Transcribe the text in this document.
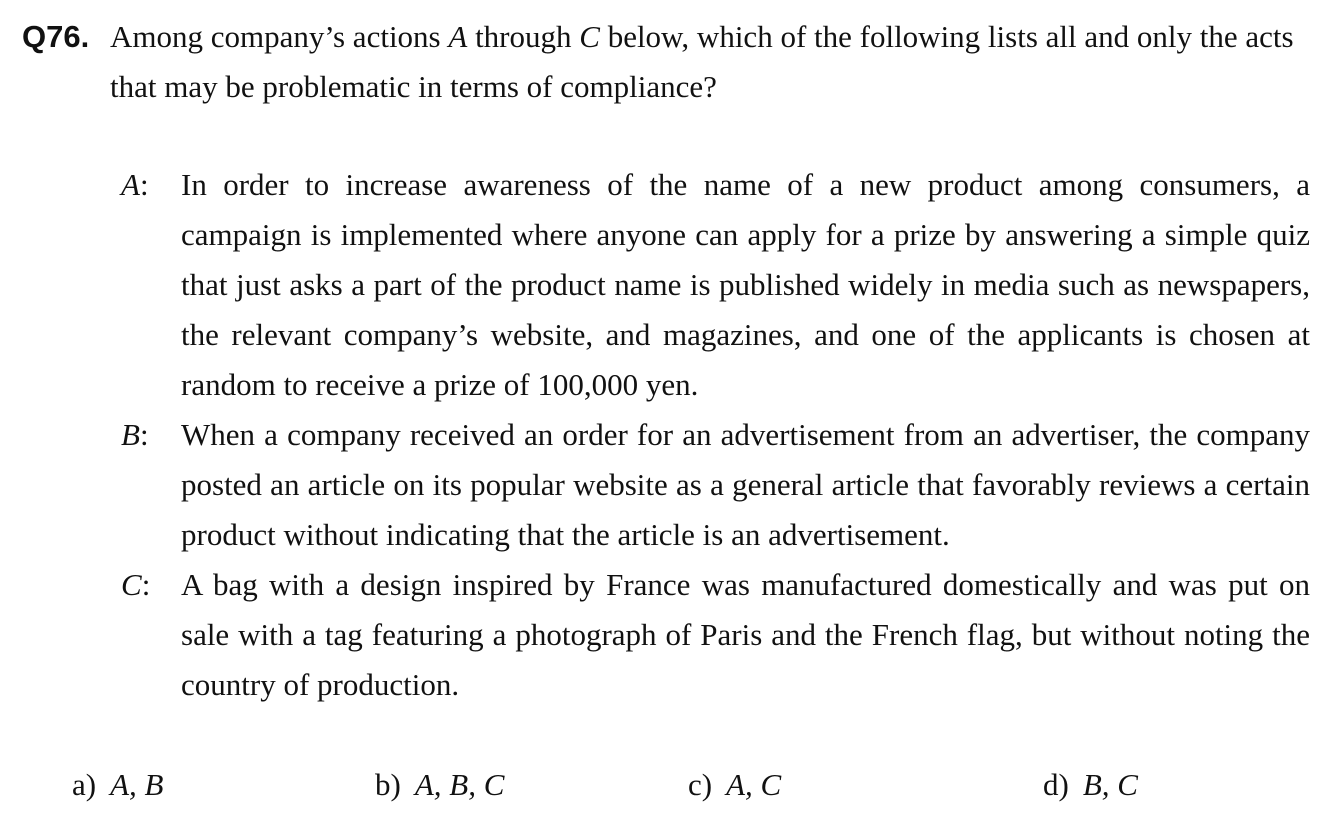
Q76. Among company’s actions A through C below, which of the following lists all and only the acts that may be problematic in terms of compliance?
A: In order to increase awareness of the name of a new product among consumers, a campaign is implemented where anyone can apply for a prize by answering a simple quiz that just asks a part of the product name is published widely in media such as newspapers, the relevant company’s website, and magazines, and one of the applicants is chosen at random to receive a prize of 100,000 yen.
B: When a company received an order for an advertisement from an advertiser, the company posted an article on its popular website as a general article that favorably reviews a certain product without indicating that the article is an advertisement.
C: A bag with a design inspired by France was manufactured domestically and was put on sale with a tag featuring a photograph of Paris and the French flag, but without noting the country of production.
a) A, B	b) A, B, C	c) A, C	d) B, C
